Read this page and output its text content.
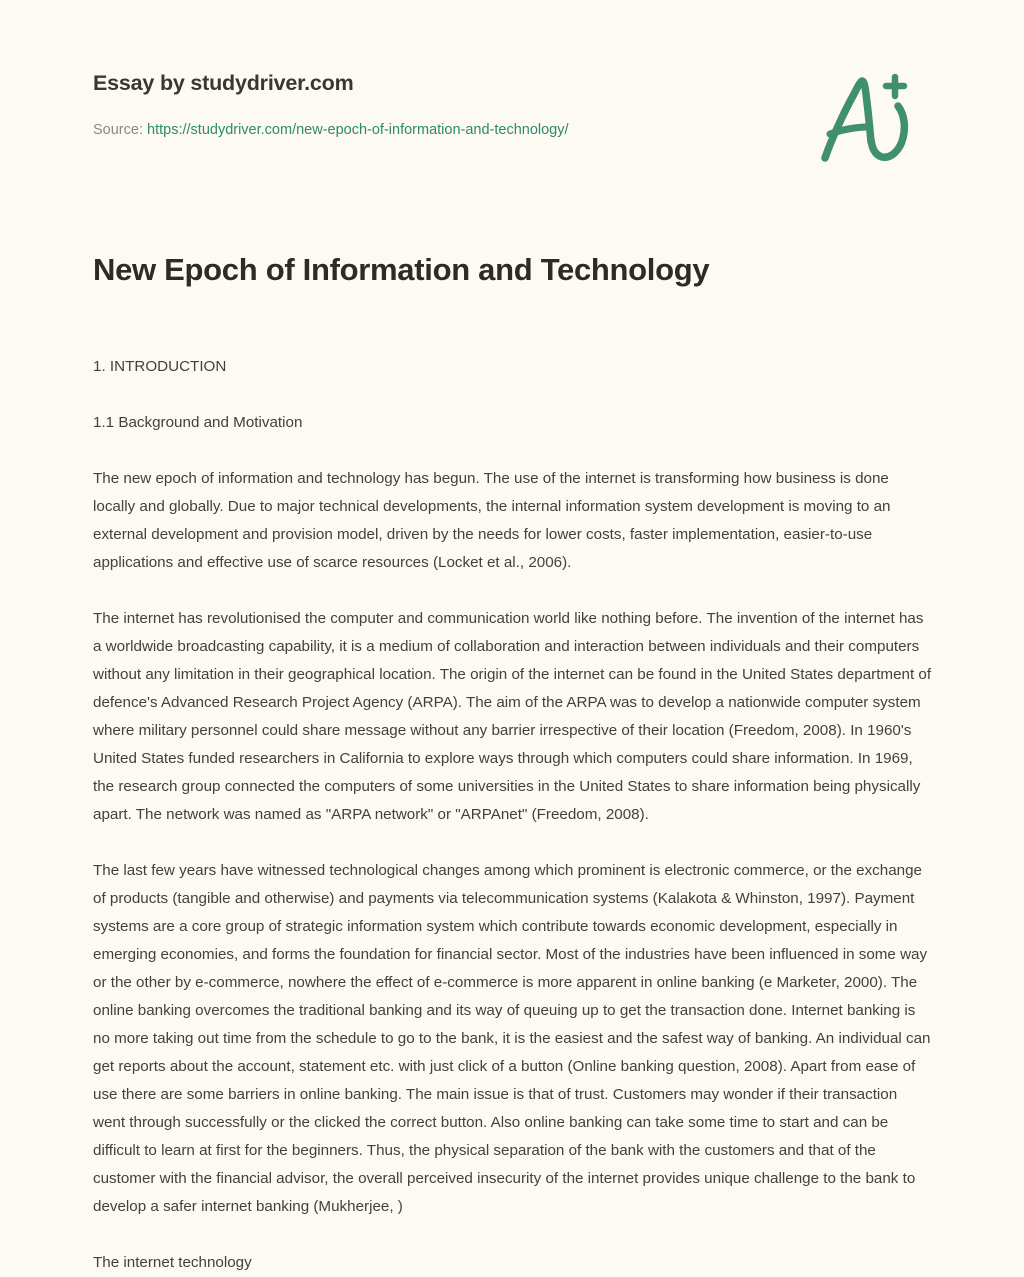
Essay by studydriver.com

Source: https://studydriver.com/new-epoch-of-information-and-technology/

New Epoch of Information and Technology

1. INTRODUCTION

1.1 Background and Motivation

The new epoch of information and technology has begun. The use of the internet is transforming how business is done locally and globally. Due to major technical developments, the internal information system development is moving to an external development and provision model, driven by the needs for lower costs, faster implementation, easier-to-use applications and effective use of scarce resources (Locket et al., 2006).

The internet has revolutionised the computer and communication world like nothing before. The invention of the internet has a worldwide broadcasting capability, it is a medium of collaboration and interaction between individuals and their computers without any limitation in their geographical location. The origin of the internet can be found in the United States department of defence's Advanced Research Project Agency (ARPA). The aim of the ARPA was to develop a nationwide computer system where military personnel could share message without any barrier irrespective of their location (Freedom, 2008). In 1960's United States funded researchers in California to explore ways through which computers could share information. In 1969, the research group connected the computers of some universities in the United States to share information being physically apart. The network was named as "ARPA network" or "ARPAnet" (Freedom, 2008).

The last few years have witnessed technological changes among which prominent is electronic commerce, or the exchange of products (tangible and otherwise) and payments via telecommunication systems (Kalakota & Whinston, 1997). Payment systems are a core group of strategic information system which contribute towards economic development, especially in emerging economies, and forms the foundation for financial sector. Most of the industries have been influenced in some way or the other by e-commerce, nowhere the effect of e-commerce is more apparent in online banking (e Marketer, 2000). The online banking overcomes the traditional banking and its way of queuing up to get the transaction done. Internet banking is no more taking out time from the schedule to go to the bank, it is the easiest and the safest way of banking. An individual can get reports about the account, statement etc. with just click of a button (Online banking question, 2008). Apart from ease of use there are some barriers in online banking. The main issue is that of trust. Customers may wonder if their transaction went through successfully or the clicked the correct button. Also online banking can take some time to start and can be difficult to learn at first for the beginners. Thus, the physical separation of the bank with the customers and that of the customer with the financial advisor, the overall perceived insecurity of the internet provides unique challenge to the bank to develop a safer internet banking (Mukherjee, )

The internet technology
